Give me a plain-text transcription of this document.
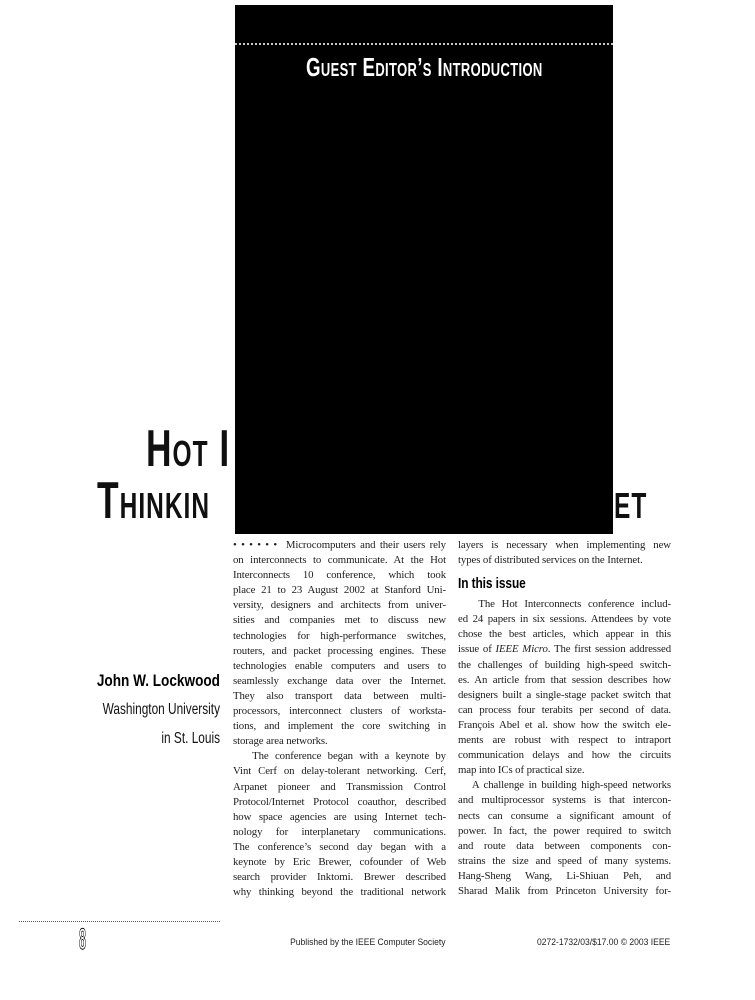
Hot I
Thinkin	et
Guest Editor’s Introduction
John W. Lockwood
Washington University
in St. Louis
• • • • • •  Microcomputers and their users rely
on interconnects to communicate. At the Hot
Interconnects 10 conference, which took
place 21 to 23 August 2002 at Stanford Uni-
versity, designers and architects from univer-
sities and companies met to discuss new
technologies for high-performance switches,
routers, and packet processing engines. These
technologies enable computers and users to
seamlessly exchange data over the Internet.
They also transport data between multi-
processors, interconnect clusters of worksta-
tions, and implement the core switching in
storage area networks.
The conference began with a keynote by
Vint Cerf on delay-tolerant networking. Cerf,
Arpanet pioneer and Transmission Control
Protocol/Internet Protocol coauthor, described
how space agencies are using Internet tech-
nology for interplanetary communications.
The conference’s second day began with a
keynote by Eric Brewer, cofounder of Web
search provider Inktomi. Brewer described
why thinking beyond the traditional network
layers is necessary when implementing new
types of distributed services on the Internet.
In this issue
The Hot Interconnects conference includ-
ed 24 papers in six sessions. Attendees by vote
chose the best articles, which appear in this
issue of IEEE Micro. The first session addressed
the challenges of building high-speed switch-
es. An article from that session describes how
designers built a single-stage packet switch that
can process four terabits per second of data.
François Abel et al. show how the switch ele-
ments are robust with respect to intraport
communication delays and how the circuits
map into ICs of practical size.
A challenge in building high-speed networks
and multiprocessor systems is that intercon-
nects can consume a significant amount of
power. In fact, the power required to switch
and route data between components con-
strains the size and speed of many systems.
Hang-Sheng Wang, Li-Shiuan Peh, and
Sharad Malik from Princeton University for-
8	Published by the IEEE Computer Society	0272-1732/03/$17.00 © 2003 IEEE
